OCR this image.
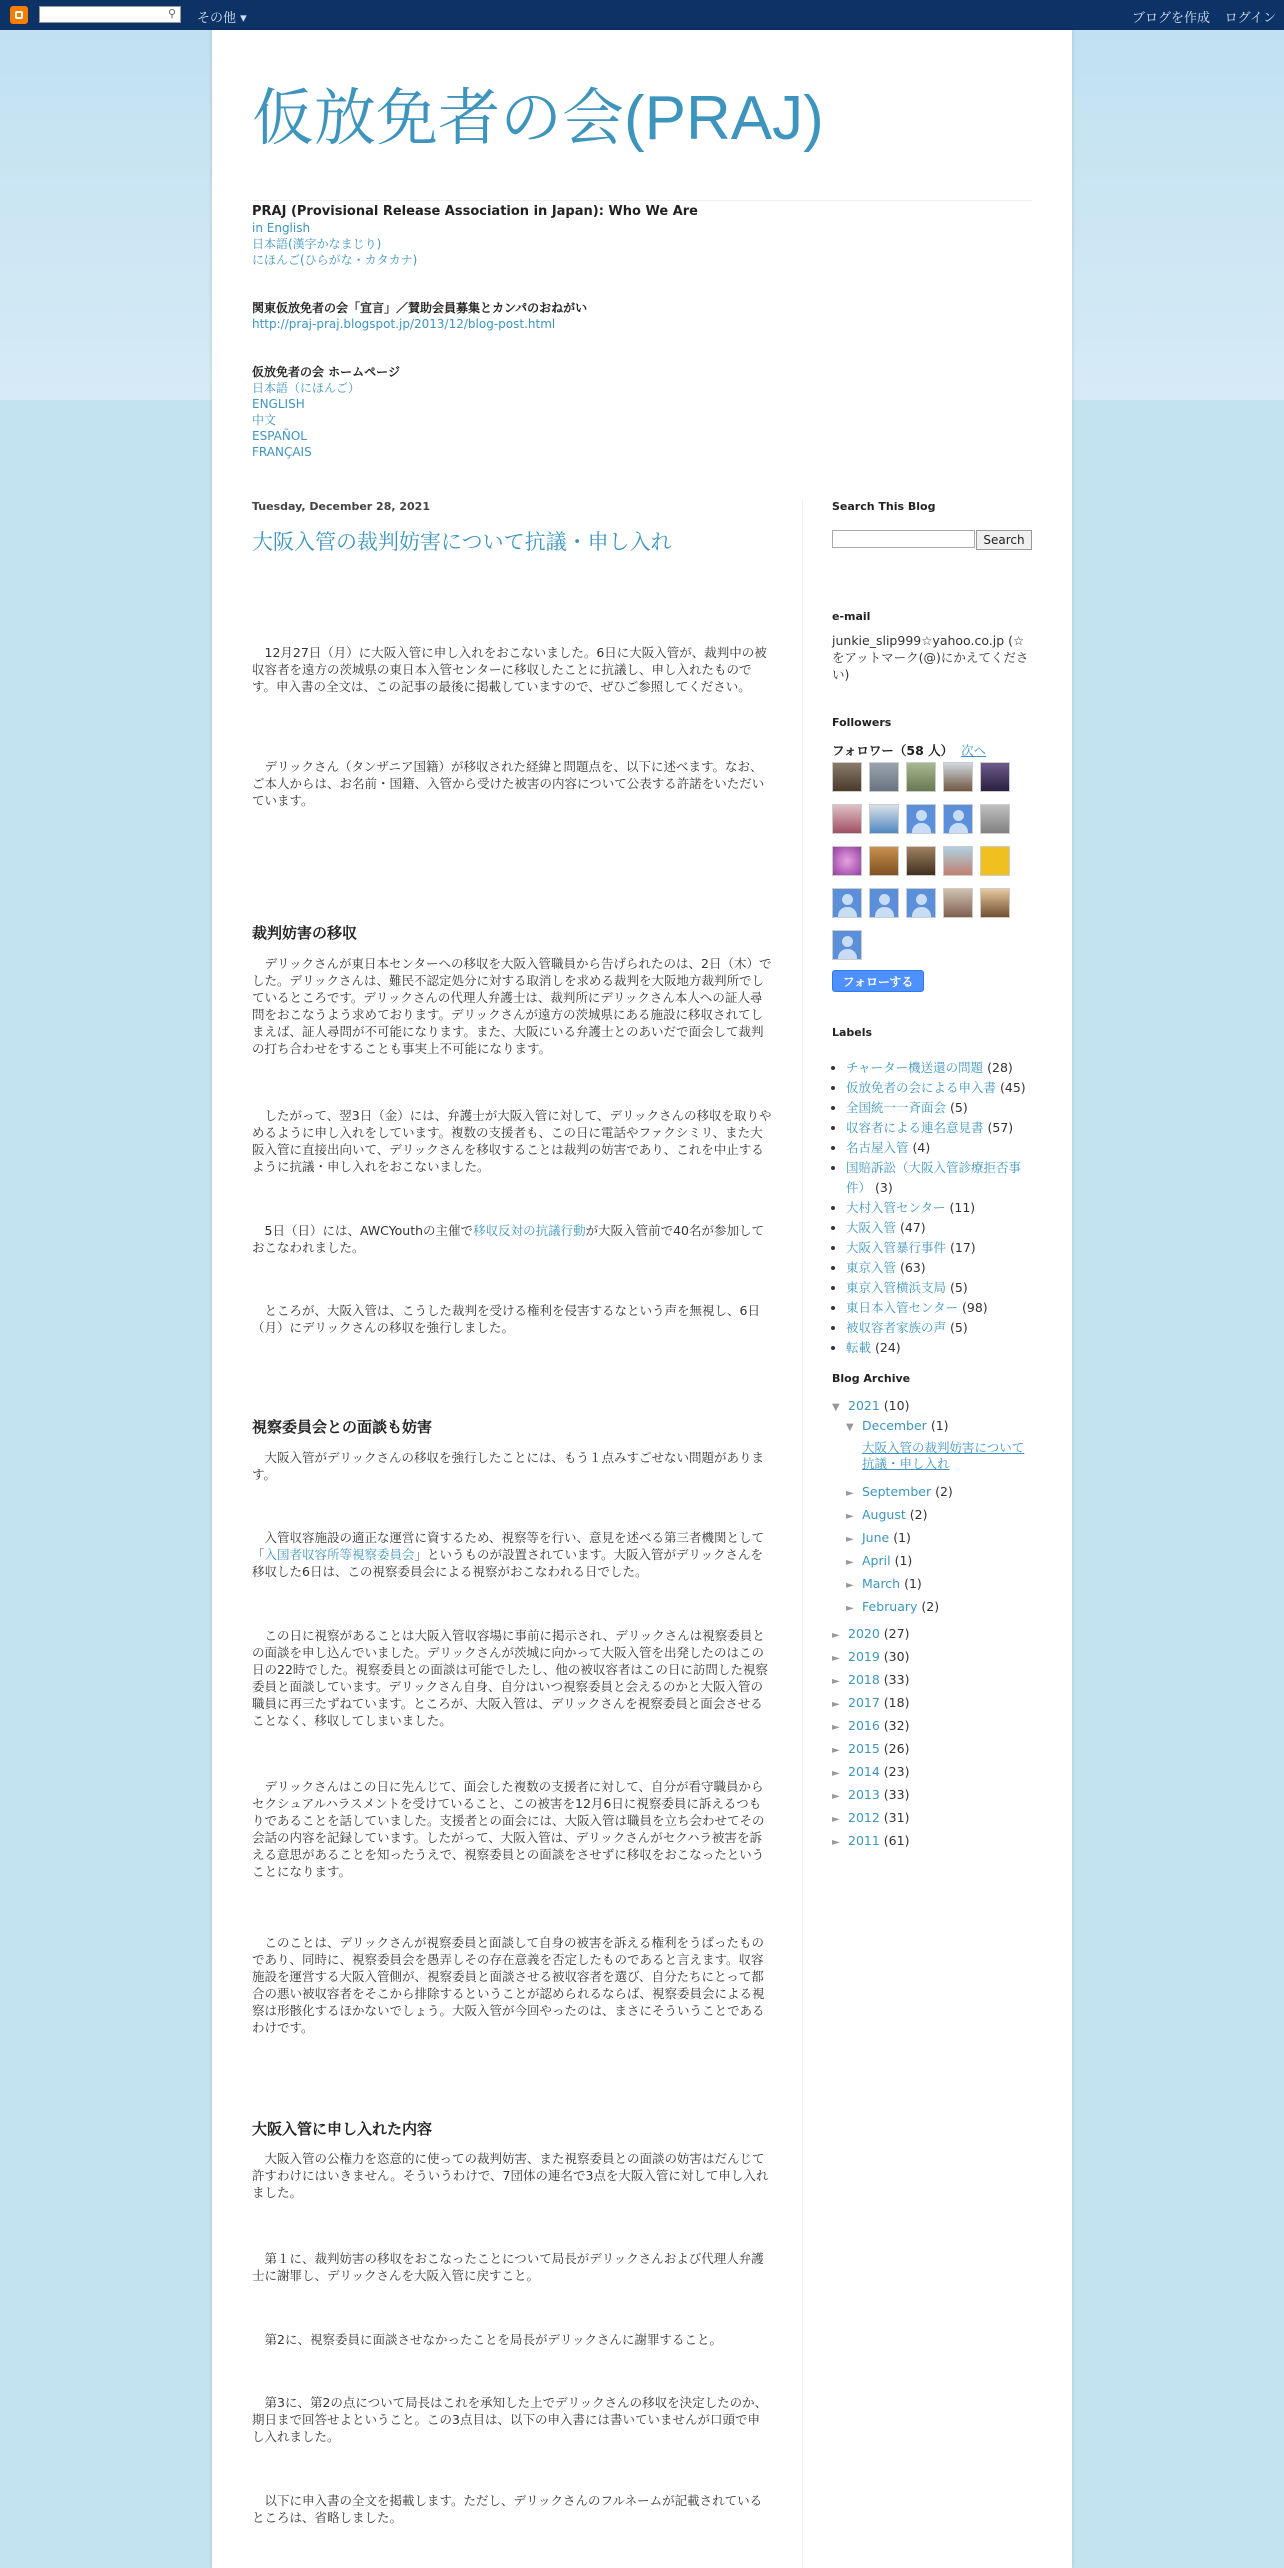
⚲ その他 ▾	ブログを作成 ログイン
仮放免者の会(PRAJ)
PRAJ (Provisional Release Association in Japan): Who We Are
in English
日本語(漢字かなまじり)
にほんご(ひらがな・カタカナ)
関東仮放免者の会「宣言」／賛助会員募集とカンパのおねがい
http://praj-praj.blogspot.jp/2013/12/blog-post.html
仮放免者の会 ホームページ
日本語（にほんご）
ENGLISH
中文
ESPAÑOL
FRANÇAIS
Tuesday, December 28, 2021
大阪入管の裁判妨害について抗議・申し入れ
　12月27日（月）に大阪入管に申し入れをおこないました。6日に大阪入管が、裁判中の被収容者を遠方の茨城県の東日本入管センターに移収したことに抗議し、申し入れたものです。申入書の全文は、この記事の最後に掲載していますので、ぜひご参照してください。
　デリックさん（タンザニア国籍）が移収された経緯と問題点を、以下に述べます。なお、ご本人からは、お名前・国籍、入管から受けた被害の内容について公表する許諾をいただいています。
裁判妨害の移収
　デリックさんが東日本センターへの移収を大阪入管職員から告げられたのは、2日（木）でした。デリックさんは、難民不認定処分に対する取消しを求める裁判を大阪地方裁判所でしているところです。デリックさんの代理人弁護士は、裁判所にデリックさん本人への証人尋問をおこなうよう求めております。デリックさんが遠方の茨城県にある施設に移収されてしまえば、証人尋問が不可能になります。また、大阪にいる弁護士とのあいだで面会して裁判の打ち合わせをすることも事実上不可能になります。
　したがって、翌3日（金）には、弁護士が大阪入管に対して、デリックさんの移収を取りやめるように申し入れをしています。複数の支援者も、この日に電話やファクシミリ、また大阪入管に直接出向いて、デリックさんを移収することは裁判の妨害であり、これを中止するように抗議・申し入れをおこないました。
　5日（日）には、AWCYouthの主催で移収反対の抗議行動が大阪入管前で40名が参加しておこなわれました。
　ところが、大阪入管は、こうした裁判を受ける権利を侵害するなという声を無視し、6日（月）にデリックさんの移収を強行しました。
視察委員会との面談も妨害
　大阪入管がデリックさんの移収を強行したことには、もう１点みすごせない問題があります。
　入管収容施設の適正な運営に資するため、視察等を行い、意見を述べる第三者機関として「入国者収容所等視察委員会」というものが設置されています。大阪入管がデリックさんを移収した6日は、この視察委員会による視察がおこなわれる日でした。
　この日に視察があることは大阪入管収容場に事前に掲示され、デリックさんは視察委員との面談を申し込んでいました。デリックさんが茨城に向かって大阪入管を出発したのはこの日の22時でした。視察委員との面談は可能でしたし、他の被収容者はこの日に訪問した視察委員と面談しています。デリックさん自身、自分はいつ視察委員と会えるのかと大阪入管の職員に再三たずねています。ところが、大阪入管は、デリックさんを視察委員と面会させることなく、移収してしまいました。
　デリックさんはこの日に先んじて、面会した複数の支援者に対して、自分が看守職員からセクシュアルハラスメントを受けていること、この被害を12月6日に視察委員に訴えるつもりであることを話していました。支援者との面会には、大阪入管は職員を立ち会わせてその会話の内容を記録しています。したがって、大阪入管は、デリックさんがセクハラ被害を訴える意思があることを知ったうえで、視察委員との面談をさせずに移収をおこなったということになります。
　このことは、デリックさんが視察委員と面談して自身の被害を訴える権利をうばったものであり、同時に、視察委員会を愚弄しその存在意義を否定したものであると言えます。収容施設を運営する大阪入管側が、視察委員と面談させる被収容者を選び、自分たちにとって都合の悪い被収容者をそこから排除するということが認められるならば、視察委員会による視察は形骸化するほかないでしょう。大阪入管が今回やったのは、まさにそういうことであるわけです。
大阪入管に申し入れた内容
　大阪入管の公権力を恣意的に使っての裁判妨害、また視察委員との面談の妨害はだんじて許すわけにはいきません。そういうわけで、7団体の連名で3点を大阪入管に対して申し入れました。
　第１に、裁判妨害の移収をおこなったことについて局長がデリックさんおよび代理人弁護士に謝罪し、デリックさんを大阪入管に戻すこと。
　第2に、視察委員に面談させなかったことを局長がデリックさんに謝罪すること。
　第3に、第2の点について局長はこれを承知した上でデリックさんの移収を決定したのか、期日まで回答せよということ。この3点目は、以下の申入書には書いていませんが口頭で申し入れました。
　以下に申入書の全文を掲載します。ただし、デリックさんのフルネームが記載されているところは、省略しました。
Search This Blog
Search
e-mail
junkie_slip999☆yahoo.co.jp (☆をアットマーク(@)にかえてください)
Followers
フォロワー（58 人） 次へ
フォローする
Labels
• チャーター機送還の問題 (28)
• 仮放免者の会による申入書 (45)
• 全国統一一斉面会 (5)
• 収容者による連名意見書 (57)
• 名古屋入管 (4)
• 国賠訴訟（大阪入管診療拒否事件） (3)
• 大村入管センター (11)
• 大阪入管 (47)
• 大阪入管暴行事件 (17)
• 東京入管 (63)
• 東京入管横浜支局 (5)
• 東日本入管センター (98)
• 被収容者家族の声 (5)
• 転載 (24)
Blog Archive
▼ 2021 (10)
▼ December (1)
大阪入管の裁判妨害について抗議・申し入れ
► September (2)
► August (2)
► June (1)
► April (1)
► March (1)
► February (2)
► 2020 (27)
► 2019 (30)
► 2018 (33)
► 2017 (18)
► 2016 (32)
► 2015 (26)
► 2014 (23)
► 2013 (33)
► 2012 (31)
► 2011 (61)
